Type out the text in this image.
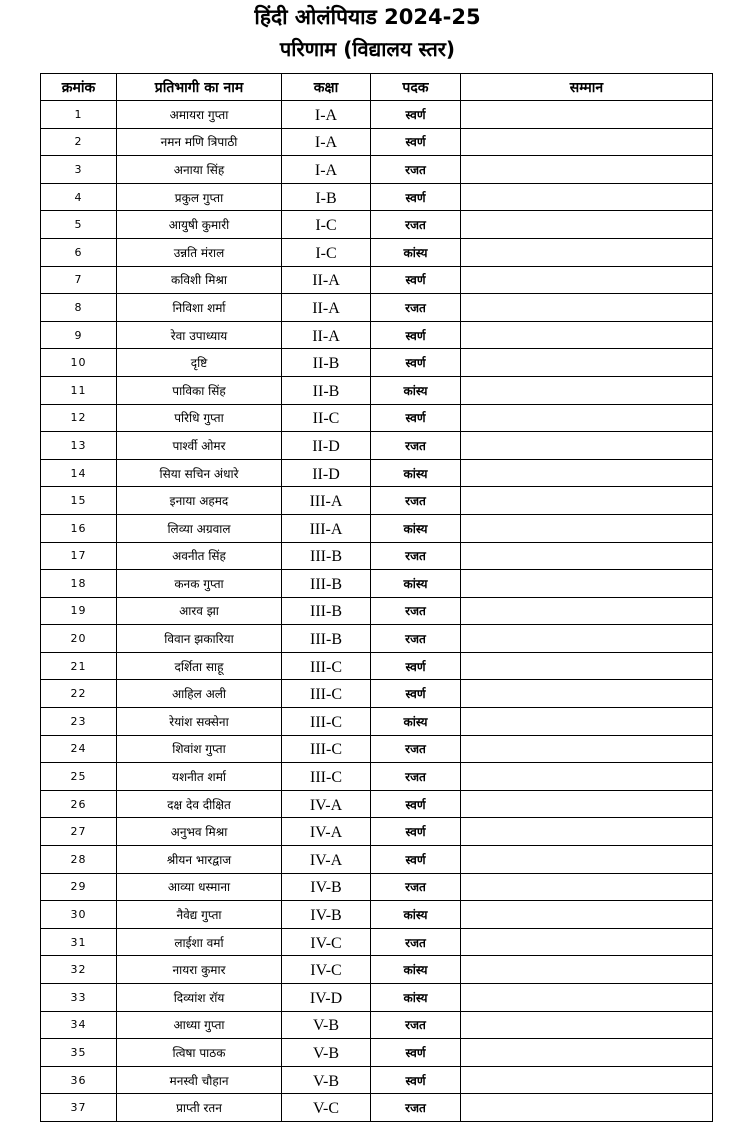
हिंदी ओलंपियाड 2024-25
परिणाम (विद्यालय स्तर)
क्रमांक	प्रतिभागी का नाम	कक्षा	पदक	सम्मान
1	अमायरा गुप्ता	I-A	स्वर्ण	
2	नमन मणि त्रिपाठी	I-A	स्वर्ण	
3	अनाया सिंह	I-A	रजत	
4	प्रकुल गुप्ता	I-B	स्वर्ण	
5	आयुषी कुमारी	I-C	रजत	
6	उन्नति मंराल	I-C	कांस्य	
7	कविशी मिश्रा	II-A	स्वर्ण	
8	निविशा शर्मा	II-A	रजत	
9	रेवा उपाध्याय	II-A	स्वर्ण	
10	दृष्टि	II-B	स्वर्ण	
11	पाविका सिंह	II-B	कांस्य	
12	परिधि गुप्ता	II-C	स्वर्ण	
13	पार्श्वी ओमर	II-D	रजत	
14	सिया सचिन अंधारे	II-D	कांस्य	
15	इनाया अहमद	III-A	रजत	
16	लिव्या अग्रवाल	III-A	कांस्य	
17	अवनीत सिंह	III-B	रजत	
18	कनक गुप्ता	III-B	कांस्य	
19	आरव झा	III-B	रजत	
20	विवान झकारिया	III-B	रजत	
21	दर्शिता साहू	III-C	स्वर्ण	
22	आहिल अली	III-C	स्वर्ण	
23	रेयांश सक्सेना	III-C	कांस्य	
24	शिवांश गुप्ता	III-C	रजत	
25	यशनीत शर्मा	III-C	रजत	
26	दक्ष देव दीक्षित	IV-A	स्वर्ण	
27	अनुभव मिश्रा	IV-A	स्वर्ण	
28	श्रीयन भारद्वाज	IV-A	स्वर्ण	
29	आव्या धस्माना	IV-B	रजत	
30	नैवेद्य गुप्ता	IV-B	कांस्य	
31	लाईशा वर्मा	IV-C	रजत	
32	नायरा कुमार	IV-C	कांस्य	
33	दिव्यांश रॉय	IV-D	कांस्य	
34	आध्या गुप्ता	V-B	रजत	
35	त्विषा पाठक	V-B	स्वर्ण	
36	मनस्वी चौहान	V-B	स्वर्ण	
37	प्राप्ती रतन	V-C	रजत	
